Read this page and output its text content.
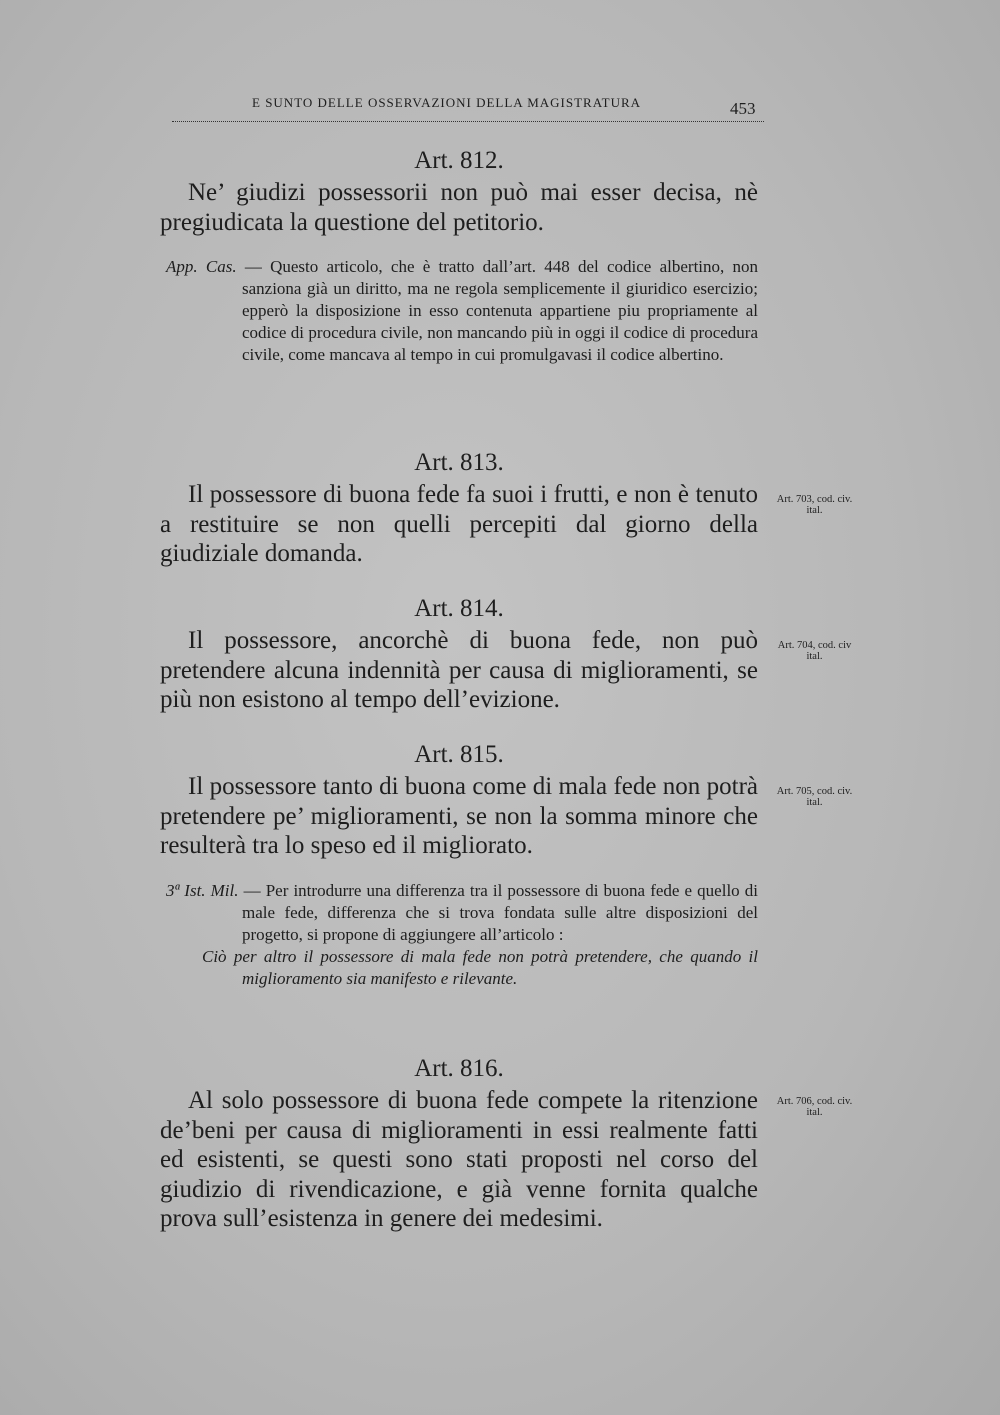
E SUNTO DELLE OSSERVAZIONI DELLA MAGISTRATURA	453

Art. 812.

Ne’ giudizi possessorii non può mai esser decisa, nè pregiudicata la questione del petitorio.

App. Cas. — Questo articolo, che è tratto dall’art. 448 del codice albertino, non sanziona già un diritto, ma ne regola semplicemente il giuridico esercizio; epperò la disposizione in esso contenuta appartiene piu propriamente al codice di procedura civile, non mancando più in oggi il codice di procedura civile, come mancava al tempo in cui promulgavasi il codice albertino.

Art. 813.

Il possessore di buona fede fa suoi i frutti, e non è tenuto a restituire se non quelli percepiti dal giorno della giudiziale domanda.

Art. 703, cod. civ.
ital.

Art. 814.

Il possessore, ancorchè di buona fede, non può pretendere alcuna indennità per causa di miglioramenti, se più non esistono al tempo dell’evizione.

Art. 704, cod. civ
ital.

Art. 815.

Il possessore tanto di buona come di mala fede non potrà pretendere pe’ miglioramenti, se non la somma minore che resulterà tra lo speso ed il migliorato.

Art. 705, cod. civ.
ital.

3ª Ist. Mil. — Per introdurre una differenza tra il possessore di buona fede e quello di male fede, differenza che si trova fondata sulle altre disposizioni del progetto, si propone di aggiungere all’articolo :

Ciò per altro il possessore di mala fede non potrà pretendere, che quando il miglioramento sia manifesto e rilevante.

Art. 816.

Al solo possessore di buona fede compete la ritenzione de’beni per causa di miglioramenti in essi realmente fatti ed esistenti, se questi sono stati proposti nel corso del giudizio di rivendicazione, e già venne fornita qualche prova sull’esistenza in genere dei medesimi.

Art. 706, cod. civ.
ital.
